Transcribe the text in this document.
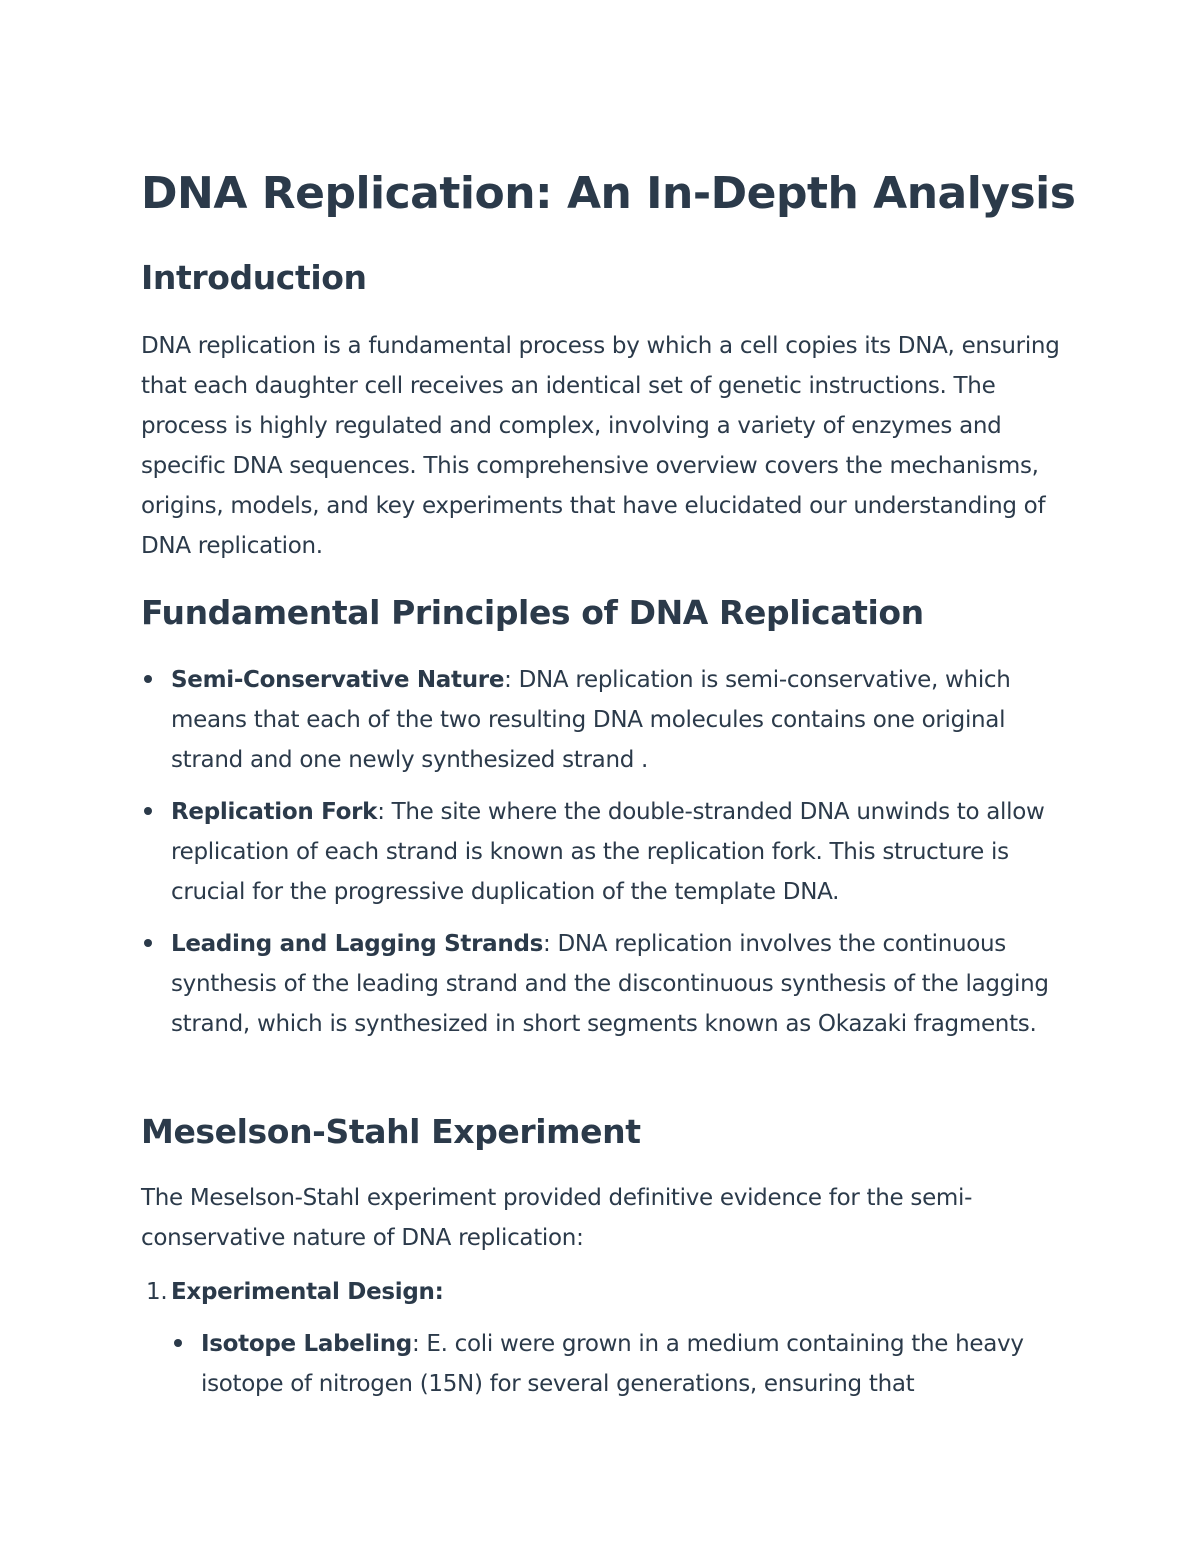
DNA Replication: An In-Depth Analysis
Introduction

DNA replication is a fundamental process by which a cell copies its DNA, ensuring that each daughter cell receives an identical set of genetic instructions. The process is highly regulated and complex, involving a variety of enzymes and specific DNA sequences. This comprehensive overview covers the mechanisms, origins, models, and key experiments that have elucidated our understanding of DNA replication.

Fundamental Principles of DNA Replication
Semi-Conservative Nature: DNA replication is semi-conservative, which means that each of the two resulting DNA molecules contains one original strand and one newly synthesized strand .
Replication Fork: The site where the double-stranded DNA unwinds to allow replication of each strand is known as the replication fork. This structure is crucial for the progressive duplication of the template DNA.
Leading and Lagging Strands: DNA replication involves the continuous synthesis of the leading strand and the discontinuous synthesis of the lagging strand, which is synthesized in short segments known as Okazaki fragments.
Meselson-Stahl Experiment

The Meselson-Stahl experiment provided definitive evidence for the semi-conservative nature of DNA replication:

1. Experimental Design:
Isotope Labeling: E. coli were grown in a medium containing the heavy isotope of nitrogen (15N) for several generations, ensuring that
